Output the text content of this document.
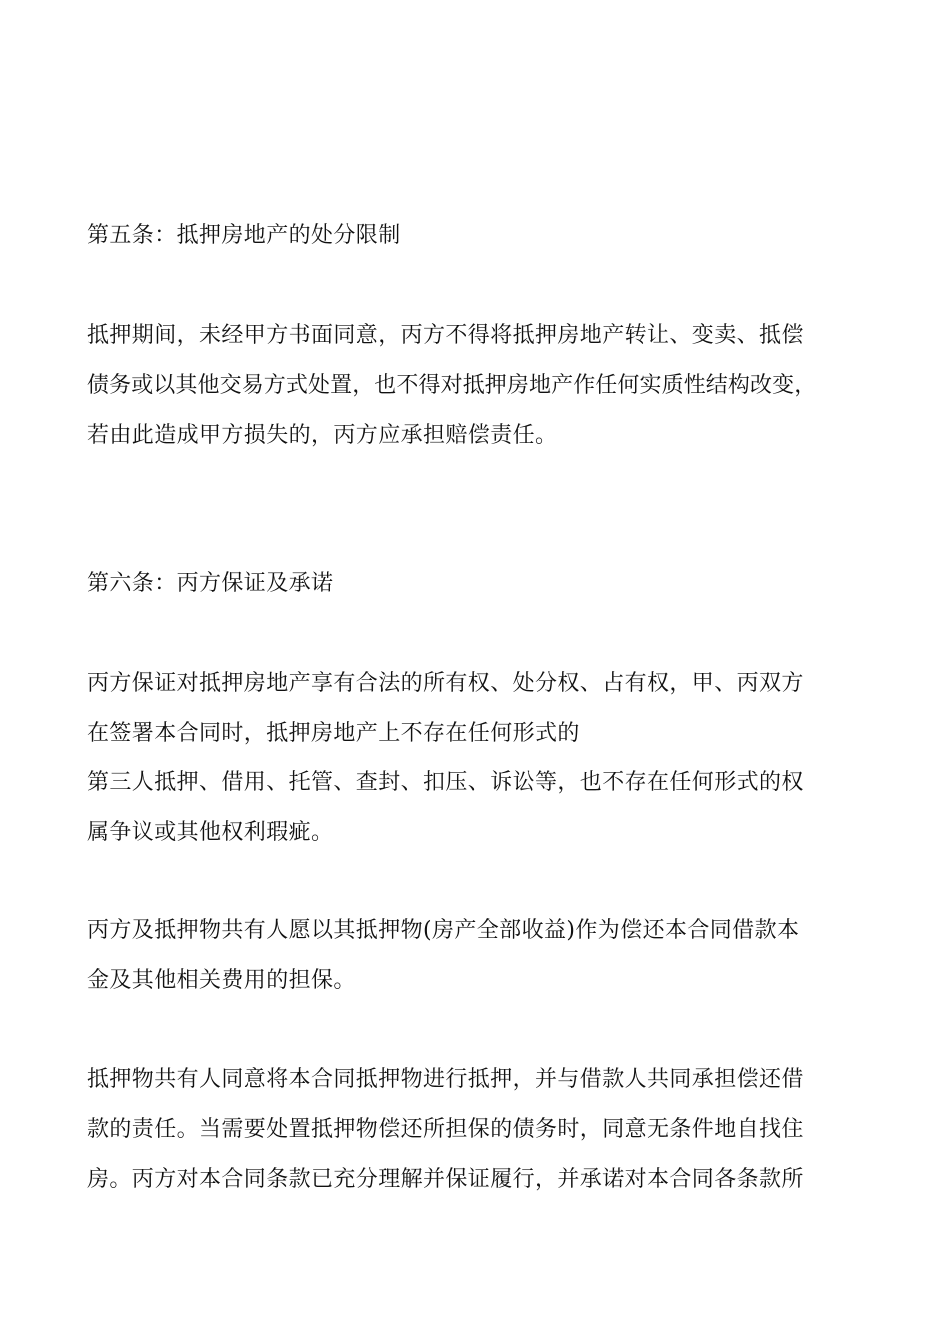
第五条：抵押房地产的处分限制
抵押期间，未经甲方书面同意，丙方不得将抵押房地产转让、变卖、抵偿
债务或以其他交易方式处置，也不得对抵押房地产作任何实质性结构改变，
若由此造成甲方损失的，丙方应承担赔偿责任。
第六条：丙方保证及承诺
丙方保证对抵押房地产享有合法的所有权、处分权、占有权，甲、丙双方
在签署本合同时，抵押房地产上不存在任何形式的
第三人抵押、借用、托管、查封、扣压、诉讼等，也不存在任何形式的权
属争议或其他权利瑕疵。
丙方及抵押物共有人愿以其抵押物(房产全部收益)作为偿还本合同借款本
金及其他相关费用的担保。
抵押物共有人同意将本合同抵押物进行抵押，并与借款人共同承担偿还借
款的责任。当需要处置抵押物偿还所担保的债务时，同意无条件地自找住
房。丙方对本合同条款已充分理解并保证履行，并承诺对本合同各条款所
